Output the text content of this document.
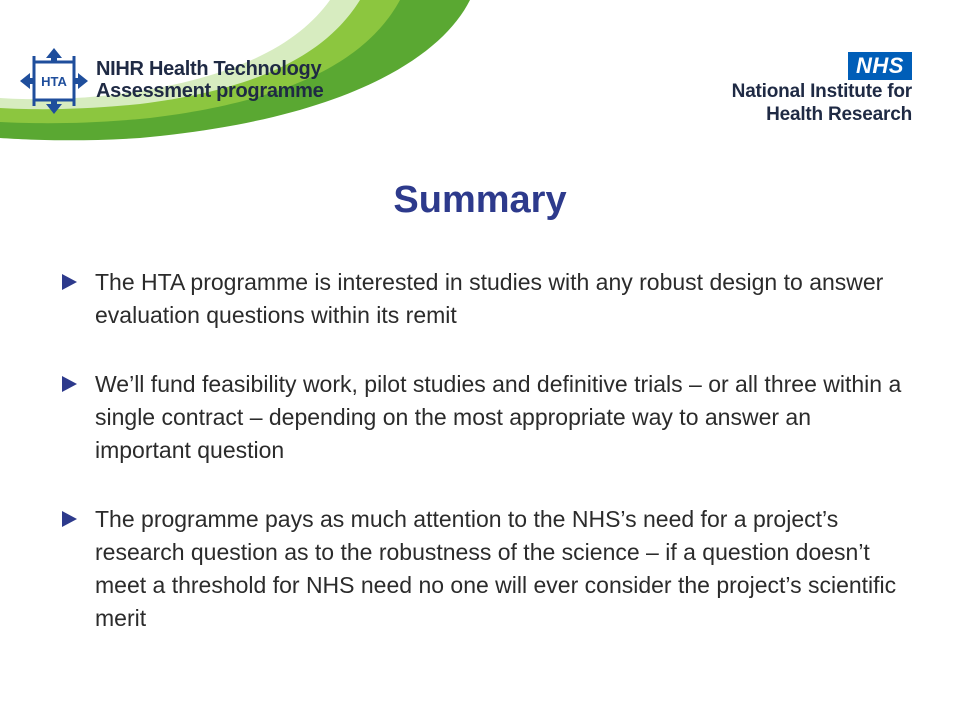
HTA
NIHR Health Technology
Assessment programme
NHS
National Institute for
Health Research
Summary
The HTA programme is interested in studies with any robust design to answer evaluation questions within its remit
We’ll fund feasibility work, pilot studies and definitive trials – or all three within a single contract – depending on the most appropriate way to answer an important question
The programme pays as much attention to the NHS’s need for a project’s research question as to the robustness of the science – if a question doesn’t meet a threshold for NHS need no one will ever consider the project’s scientific merit
